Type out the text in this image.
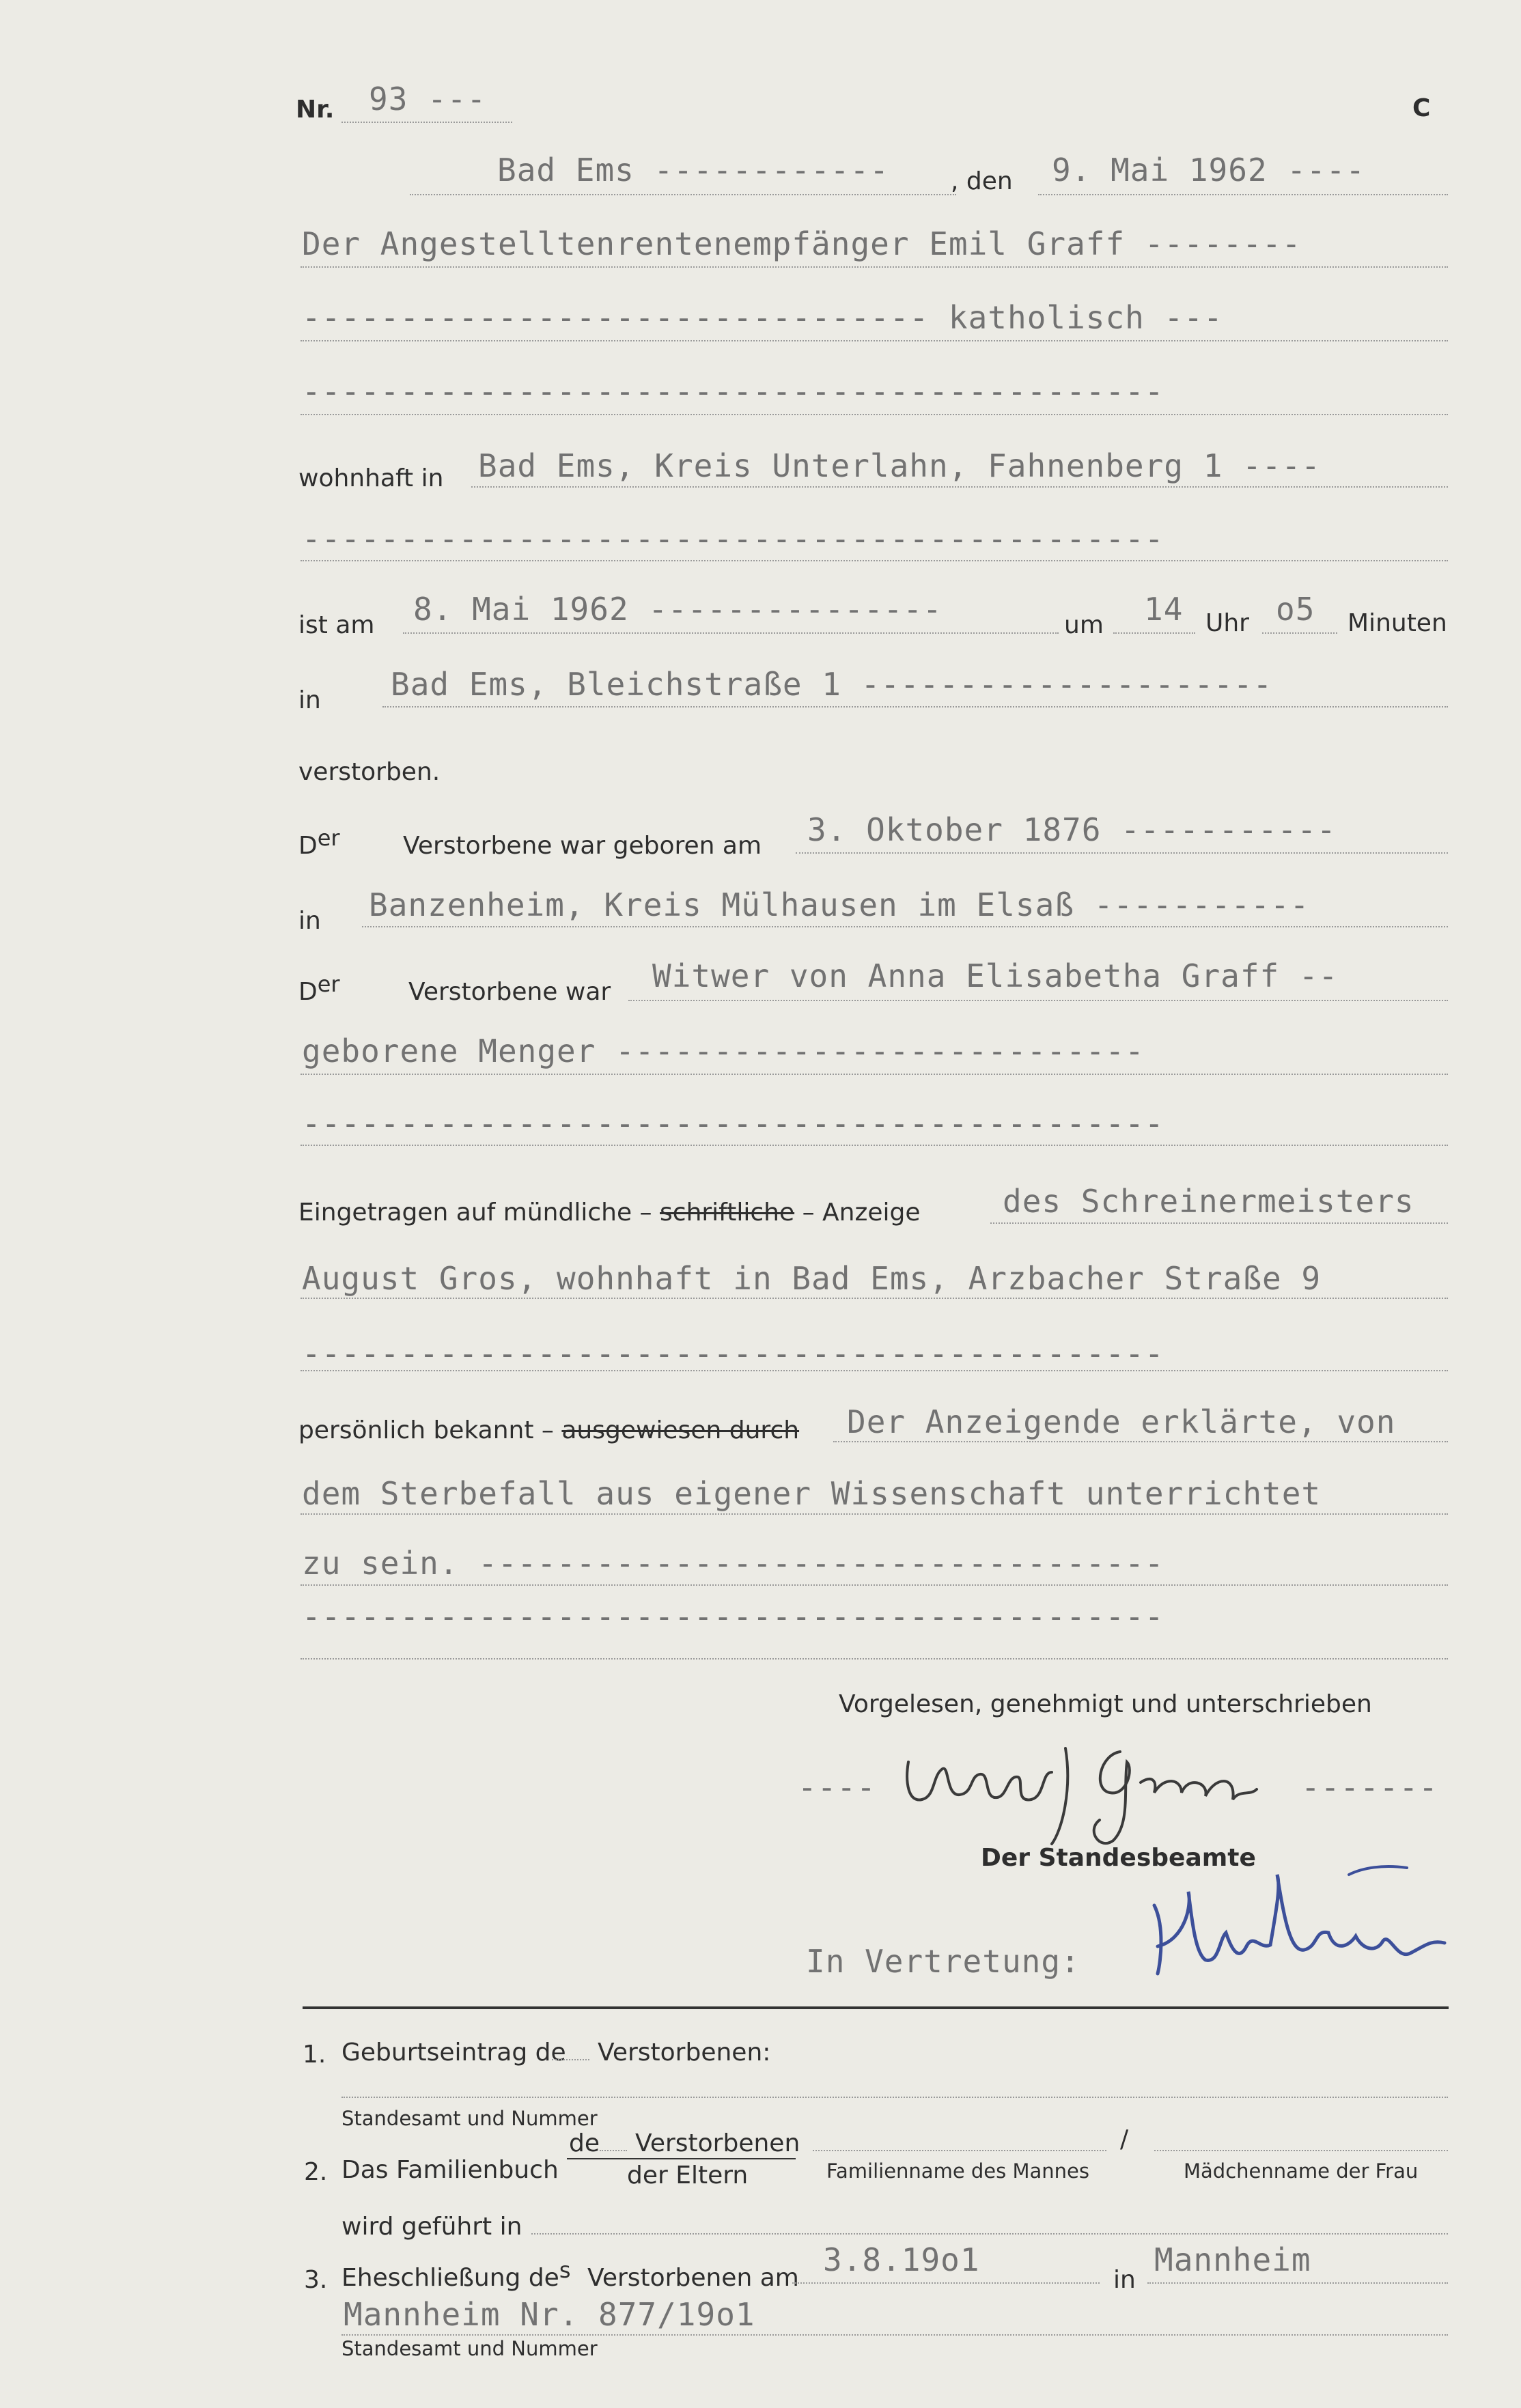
Nr. 93 ---	C
Bad Ems ------------	, den 9. Mai 1962 ----
Der Angestelltenrentenempfänger Emil Graff --------
-------------------------------- katholisch ---
--------------------------------------------
wohnhaft in Bad Ems, Kreis Unterlahn, Fahnenberg 1 ----
--------------------------------------------
ist am 8. Mai 1962 ---------------	um 14 Uhr o5 Minuten
in Bad Ems, Bleichstraße 1 ---------------------
verstorben.
Der	Verstorbene war geboren am 3. Oktober 1876 -----------
in Banzenheim, Kreis Mülhausen im Elsaß -----------
Der	Verstorbene war Witwer von Anna Elisabetha Graff --
geborene Menger ---------------------------
--------------------------------------------
Eingetragen auf mündliche – schriftliche – Anzeige	des Schreinermeisters
August Gros, wohnhaft in Bad Ems, Arzbacher Straße 9
--------------------------------------------
persönlich bekannt – ausgewiesen durch Der Anzeigende erklärte, von
dem Sterbefall aus eigener Wissenschaft unterrichtet
zu sein. -----------------------------------
--------------------------------------------
Vorgelesen, genehmigt und unterschrieben
----	-------
Der Standesbeamte
In Vertretung:
1. Geburtseintrag de Verstorbenen:
Standesamt und Nummer
2. Das Familienbuch
de Verstorbenen
der Eltern
/
Familienname des Mannes	Mädchenname der Frau
wird geführt in
3. Eheschließung des Verstorbenen am 3.8.19o1
in
Mannheim
Mannheim Nr. 877/19o1
Standesamt und Nummer
